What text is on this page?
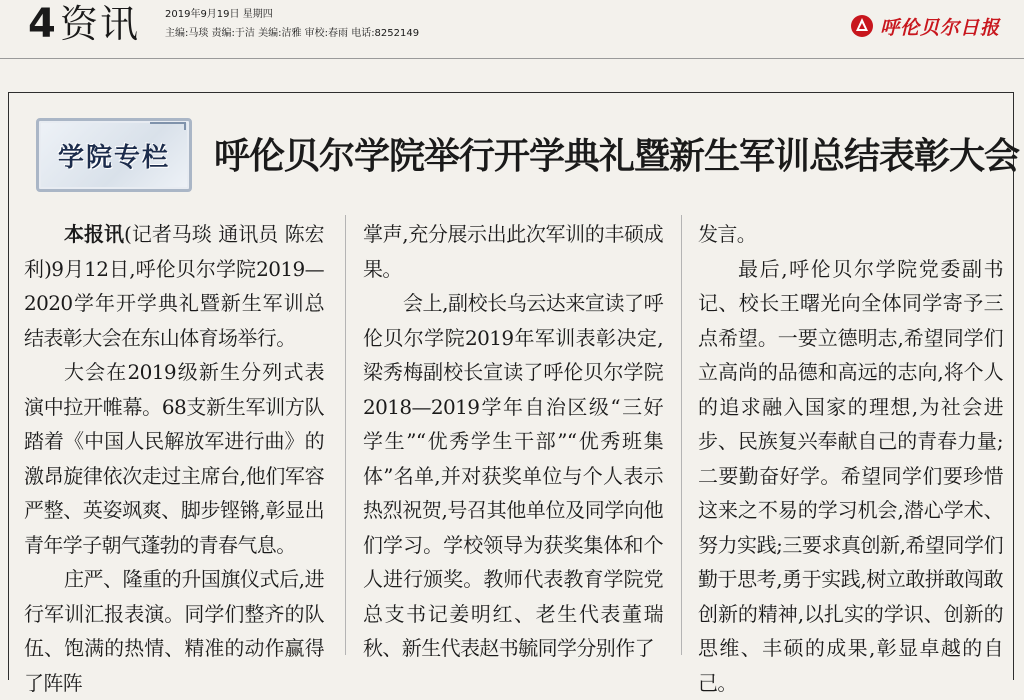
4 资讯 2019年9月19日 星期四
主编:马琰 责编:于洁 美编:洁雅 审校:春雨 电话:8252149	呼伦贝尔日报
学院专栏	呼伦贝尔学院举行开学典礼暨新生军训总结表彰大会

本报讯(记者马琰 通讯员 陈宏利)9月12日,呼伦贝尔学院2019—2020学年开学典礼暨新生军训总结表彰大会在东山体育场举行。

大会在2019级新生分列式表演中拉开帷幕。68支新生军训方队踏着《中国人民解放军进行曲》的激昂旋律依次走过主席台,他们军容严整、英姿飒爽、脚步铿锵,彰显出青年学子朝气蓬勃的青春气息。

庄严、隆重的升国旗仪式后,进行军训汇报表演。同学们整齐的队伍、饱满的热情、精准的动作赢得了阵阵

掌声,充分展示出此次军训的丰硕成果。

会上,副校长乌云达来宣读了呼伦贝尔学院2019年军训表彰决定,梁秀梅副校长宣读了呼伦贝尔学院2018—2019学年自治区级“三好学生”“优秀学生干部”“优秀班集体”名单,并对获奖单位与个人表示热烈祝贺,号召其他单位及同学向他们学习。学校领导为获奖集体和个人进行颁奖。教师代表教育学院党总支书记姜明红、老生代表董瑞秋、新生代表赵书毓同学分别作了

发言。

最后,呼伦贝尔学院党委副书记、校长王曙光向全体同学寄予三点希望。一要立德明志,希望同学们立高尚的品德和高远的志向,将个人的追求融入国家的理想,为社会进步、民族复兴奉献自己的青春力量;二要勤奋好学。希望同学们要珍惜这来之不易的学习机会,潜心学术、努力实践;三要求真创新,希望同学们勤于思考,勇于实践,树立敢拼敢闯敢创新的精神,以扎实的学识、创新的思维、丰硕的成果,彰显卓越的自己。
